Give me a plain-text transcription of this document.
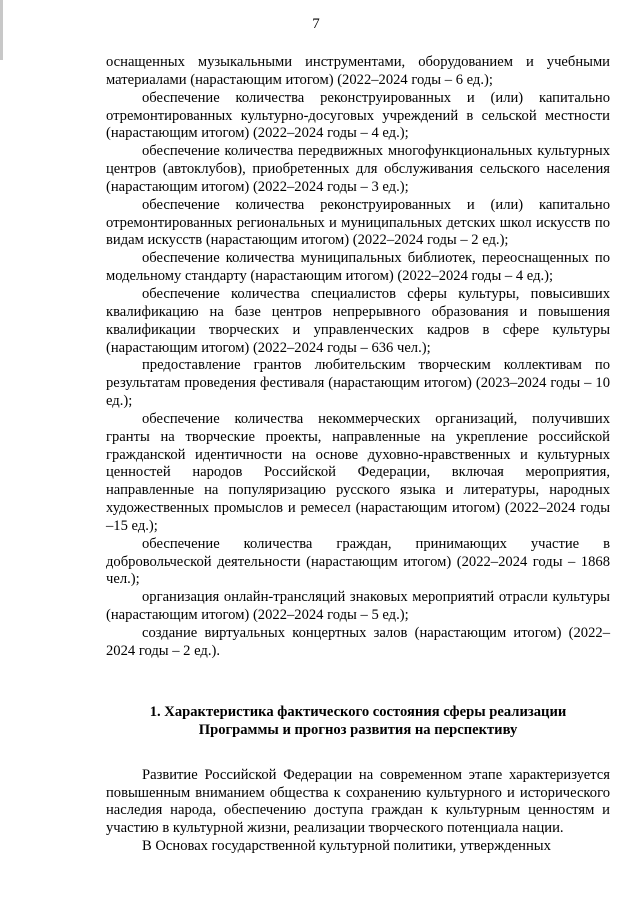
7

оснащенных музыкальными инструментами, оборудованием и учебными материалами (нарастающим итогом) (2022–2024 годы – 6 ед.);

обеспечение количества реконструированных и (или) капитально отремонтированных культурно-досуговых учреждений в сельской местности (нарастающим итогом) (2022–2024 годы – 4 ед.);

обеспечение количества передвижных многофункциональных культурных центров (автоклубов), приобретенных для обслуживания сельского населения (нарастающим итогом) (2022–2024 годы – 3 ед.);

обеспечение количества реконструированных и (или) капитально отремонтированных региональных и муниципальных детских школ искусств по видам искусств (нарастающим итогом) (2022–2024 годы – 2 ед.);

обеспечение количества муниципальных библиотек, переоснащенных по модельному стандарту (нарастающим итогом) (2022–2024 годы – 4 ед.);

обеспечение количества специалистов сферы культуры, повысивших квалификацию на базе центров непрерывного образования и повышения квалификации творческих и управленческих кадров в сфере культуры (нарастающим итогом) (2022–2024 годы – 636 чел.);

предоставление грантов любительским творческим коллективам по результатам проведения фестиваля (нарастающим итогом) (2023–2024 годы – 10 ед.);

обеспечение количества некоммерческих организаций, получивших гранты на творческие проекты, направленные на укрепление российской гражданской идентичности на основе духовно-нравственных и культурных ценностей народов Российской Федерации, включая мероприятия, направленные на популяризацию русского языка и литературы, народных художественных промыслов и ремесел (нарастающим итогом) (2022–2024 годы –15 ед.);

обеспечение количества граждан, принимающих участие в добровольческой деятельности (нарастающим итогом) (2022–2024 годы – 1868 чел.);

организация онлайн-трансляций знаковых мероприятий отрасли культуры (нарастающим итогом) (2022–2024 годы – 5 ед.);

создание виртуальных концертных залов (нарастающим итогом) (2022–2024 годы – 2 ед.).

1. Характеристика фактического состояния сферы реализации

Программы и прогноз развития на перспективу

Развитие Российской Федерации на современном этапе характеризуется повышенным вниманием общества к сохранению культурного и исторического наследия народа, обеспечению доступа граждан к культурным ценностям и участию в культурной жизни, реализации творческого потенциала нации.

В Основах государственной культурной политики, утвержденных
